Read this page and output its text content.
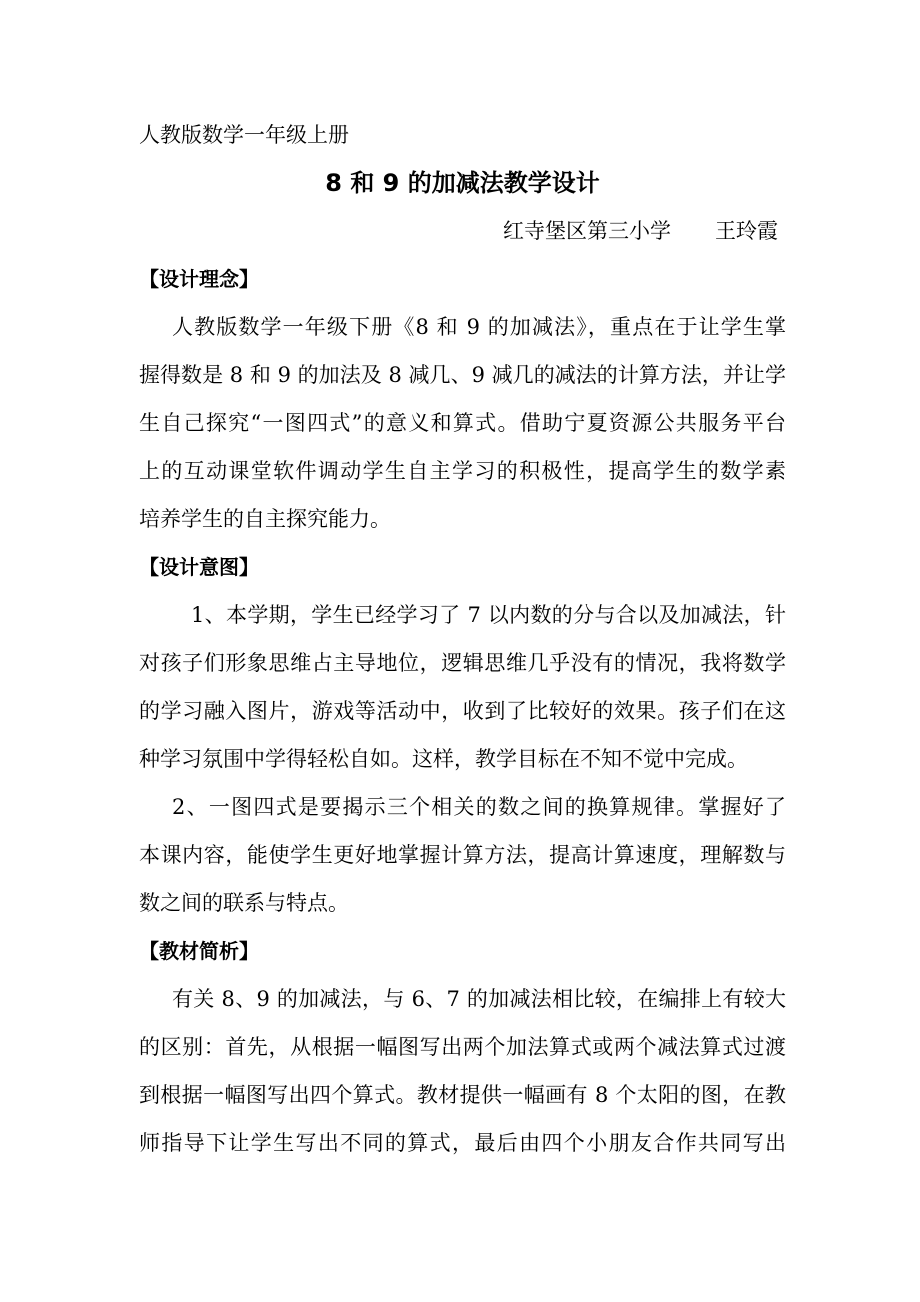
人教版数学一年级上册
8 和 9 的加减法教学设计
红寺堡区第三小学 王玲霞
【设计理念】
人教版数学一年级下册《8 和 9 的加减法》，重点在于让学生掌
握得数是 8 和 9 的加法及 8 减几、9 减几的减法的计算方法，并让学
生自己探究“一图四式”的意义和算式。借助宁夏资源公共服务平台
上的互动课堂软件调动学生自主学习的积极性，提高学生的数学素
培养学生的自主探究能力。
【设计意图】
1、本学期，学生已经学习了 7 以内数的分与合以及加减法，针
对孩子们形象思维占主导地位，逻辑思维几乎没有的情况，我将数学
的学习融入图片，游戏等活动中，收到了比较好的效果。孩子们在这
种学习氛围中学得轻松自如。这样，教学目标在不知不觉中完成。
2、一图四式是要揭示三个相关的数之间的换算规律。掌握好了
本课内容，能使学生更好地掌握计算方法，提高计算速度，理解数与
数之间的联系与特点。
【教材简析】
有关 8、9 的加减法，与 6、7 的加减法相比较，在编排上有较大
的区别：首先，从根据一幅图写出两个加法算式或两个减法算式过渡
到根据一幅图写出四个算式。教材提供一幅画有 8 个太阳的图，在教
师指导下让学生写出不同的算式，最后由四个小朋友合作共同写出
